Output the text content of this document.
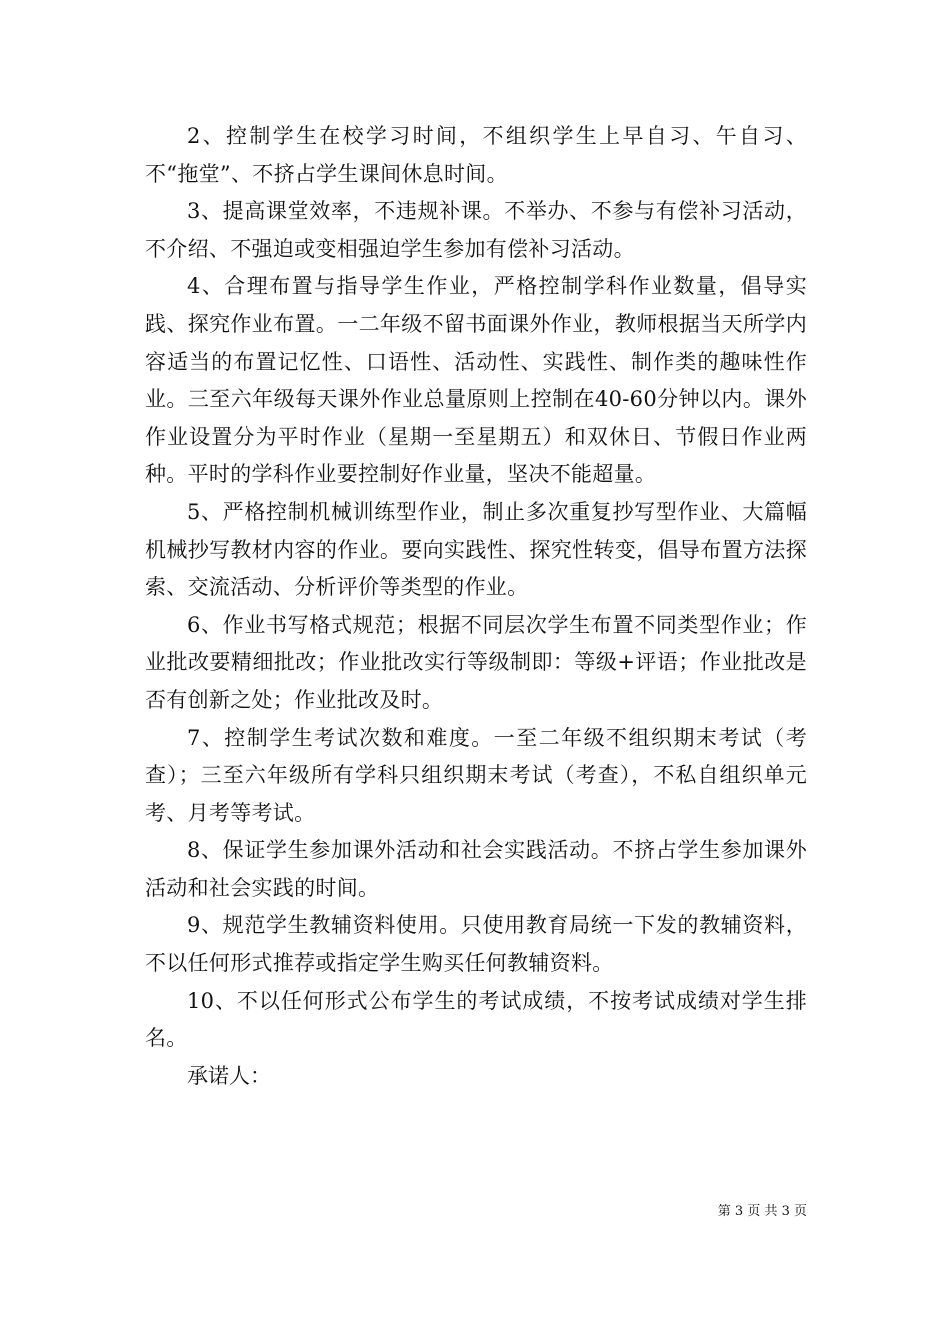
2、控制学生在校学习时间，不组织学生上早自习、午自习、不“拖堂”、不挤占学生课间休息时间。

3、提高课堂效率，不违规补课。不举办、不参与有偿补习活动，不介绍、不强迫或变相强迫学生参加有偿补习活动。

4、合理布置与指导学生作业，严格控制学科作业数量，倡导实践、探究作业布置。一二年级不留书面课外作业，教师根据当天所学内容适当的布置记忆性、口语性、活动性、实践性、制作类的趣味性作业。三至六年级每天课外作业总量原则上控制在40-60分钟以内。课外作业设置分为平时作业（星期一至星期五）和双休日、节假日作业两种。平时的学科作业要控制好作业量，坚决不能超量。

5、严格控制机械训练型作业，制止多次重复抄写型作业、大篇幅机械抄写教材内容的作业。要向实践性、探究性转变，倡导布置方法探索、交流活动、分析评价等类型的作业。

6、作业书写格式规范；根据不同层次学生布置不同类型作业；作业批改要精细批改；作业批改实行等级制即：等级+评语；作业批改是否有创新之处；作业批改及时。

7、控制学生考试次数和难度。一至二年级不组织期末考试（考查）；三至六年级所有学科只组织期末考试（考查），不私自组织单元考、月考等考试。

8、保证学生参加课外活动和社会实践活动。不挤占学生参加课外活动和社会实践的时间。

9、规范学生教辅资料使用。只使用教育局统一下发的教辅资料，不以任何形式推荐或指定学生购买任何教辅资料。

10、不以任何形式公布学生的考试成绩，不按考试成绩对学生排名。

承诺人：

第 3 页 共 3 页
